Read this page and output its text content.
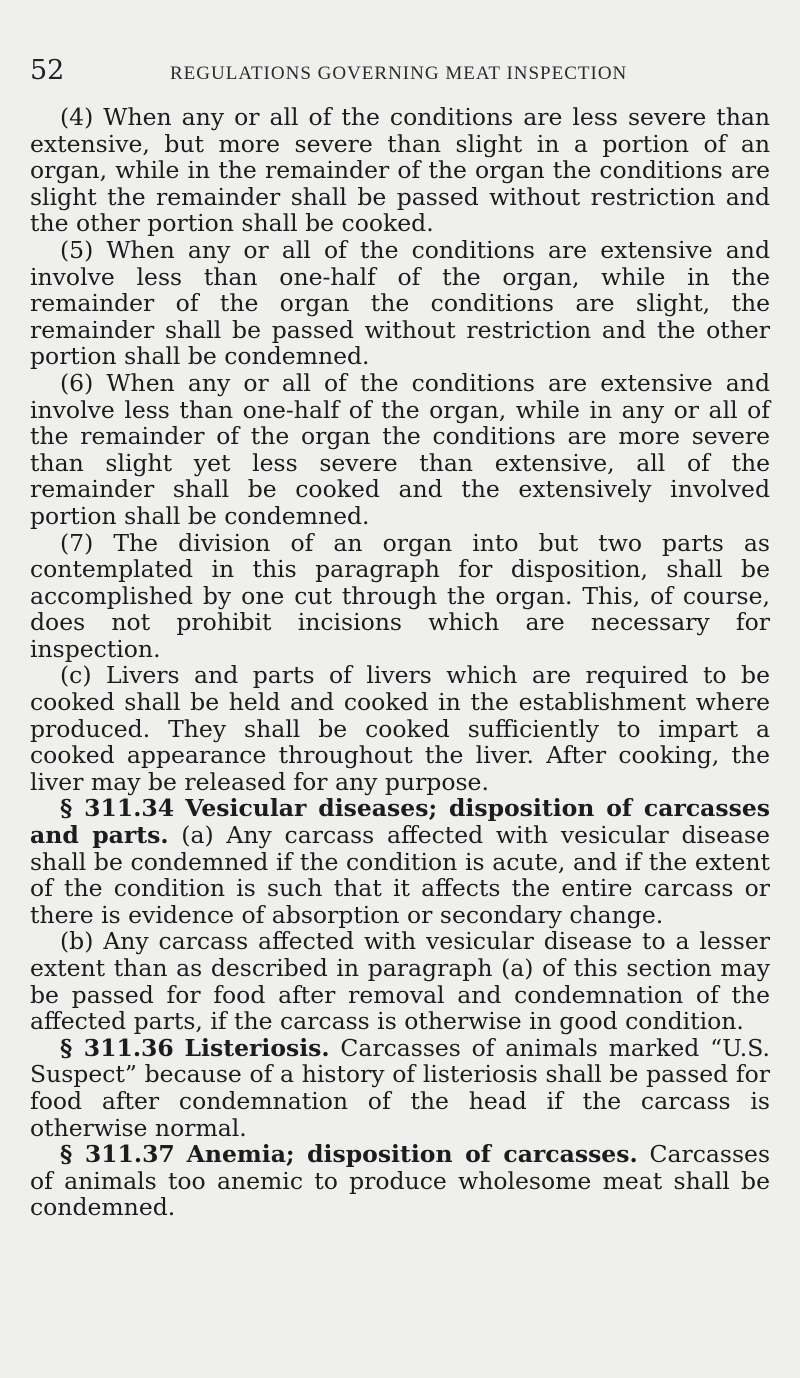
52	REGULATIONS GOVERNING MEAT INSPECTION

(4) When any or all of the conditions are less severe than extensive, but more severe than slight in a portion of an organ, while in the remainder of the organ the conditions are slight the remainder shall be passed without restriction and the other portion shall be cooked.

(5) When any or all of the conditions are extensive and involve less than one-half of the organ, while in the remainder of the organ the conditions are slight, the remainder shall be passed without restriction and the other portion shall be condemned.

(6) When any or all of the conditions are extensive and involve less than one-half of the organ, while in any or all of the remainder of the organ the conditions are more severe than slight yet less severe than extensive, all of the remainder shall be cooked and the extensively involved portion shall be condemned.

(7) The division of an organ into but two parts as contemplated in this paragraph for disposition, shall be accomplished by one cut through the organ. This, of course, does not prohibit incisions which are necessary for inspection.

(c) Livers and parts of livers which are required to be cooked shall be held and cooked in the establishment where produced. They shall be cooked sufficiently to impart a cooked appearance throughout the liver. After cooking, the liver may be released for any purpose.

§ 311.34 Vesicular diseases; disposition of carcasses and parts. (a) Any carcass affected with vesicular disease shall be condemned if the condition is acute, and if the extent of the condition is such that it affects the entire carcass or there is evidence of absorption or secondary change.

(b) Any carcass affected with vesicular disease to a lesser extent than as described in paragraph (a) of this section may be passed for food after removal and condemnation of the affected parts, if the carcass is otherwise in good condition.

§ 311.36 Listeriosis. Carcasses of animals marked “U.S. Suspect” because of a history of listeriosis shall be passed for food after condemnation of the head if the carcass is otherwise normal.

§ 311.37 Anemia; disposition of carcasses. Carcasses of animals too anemic to produce wholesome meat shall be condemned.
